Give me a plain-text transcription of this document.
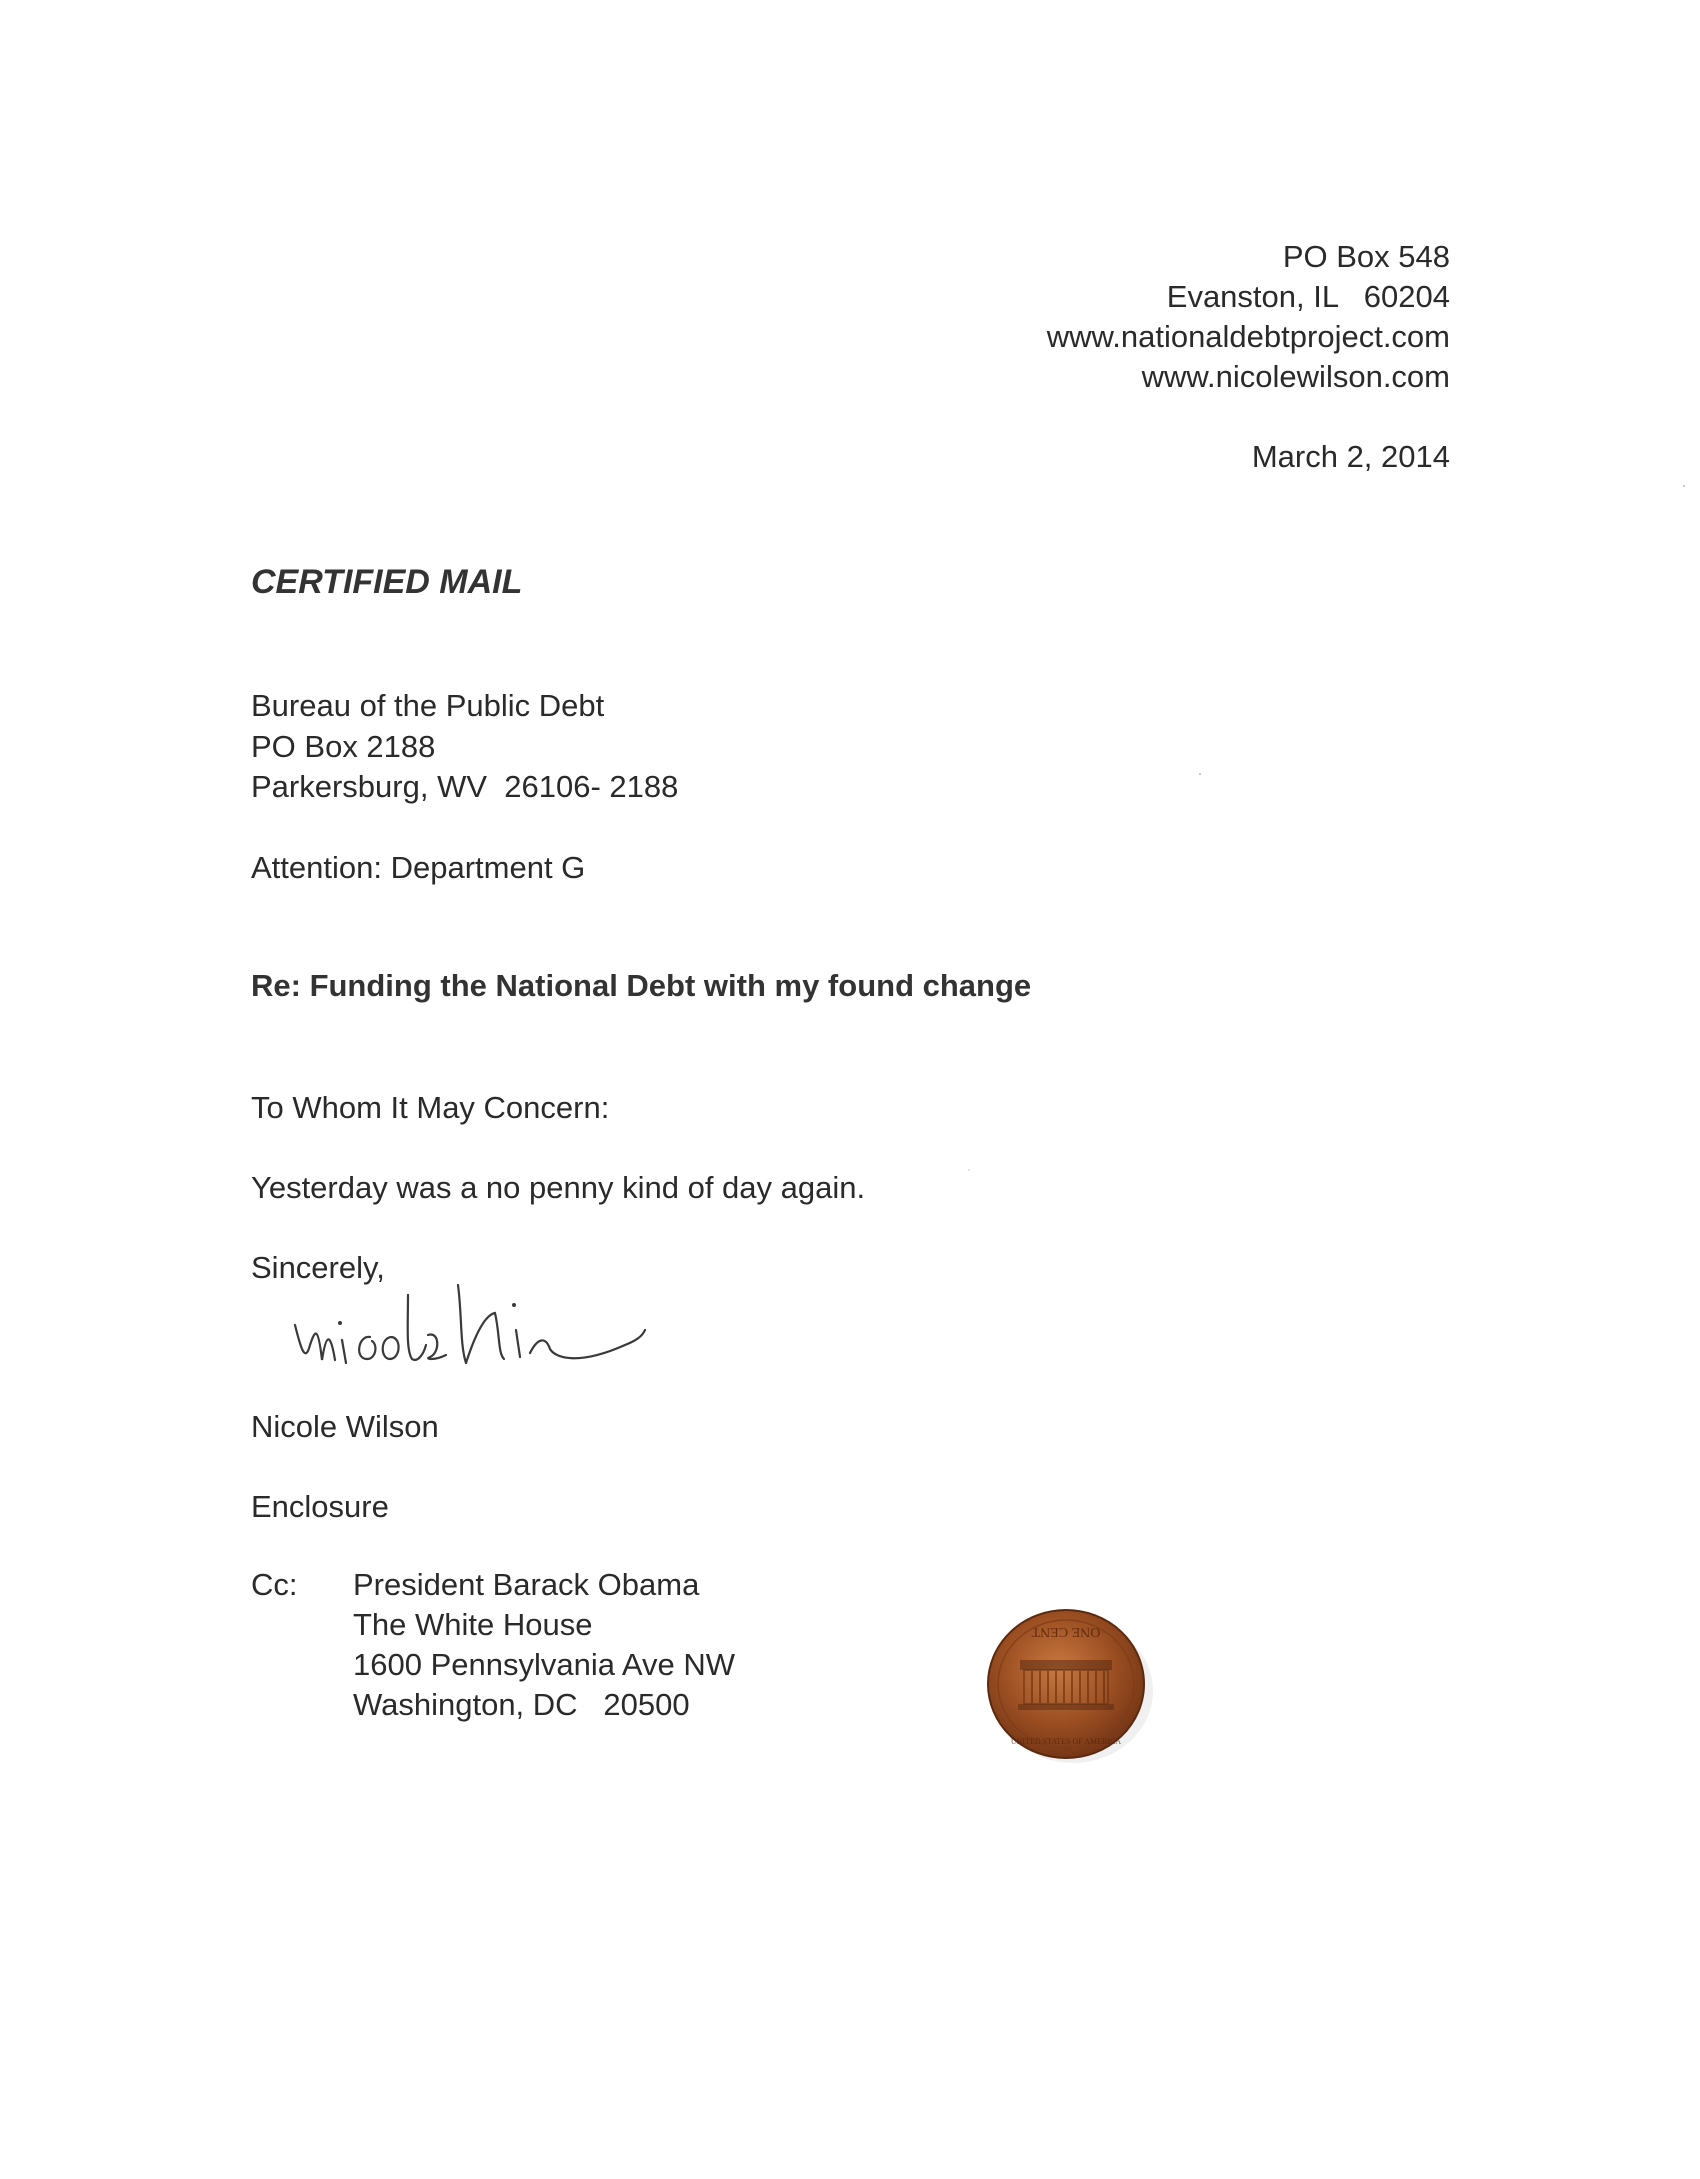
PO Box 548
Evanston, IL   60204
www.nationaldebtproject.com
www.nicolewilson.com
March 2, 2014
CERTIFIED MAIL
Bureau of the Public Debt
PO Box 2188
Parkersburg, WV  26106- 2188
Attention: Department G
Re: Funding the National Debt with my found change
To Whom It May Concern:
Yesterday was a no penny kind of day again.
Sincerely,
Nicole Wilson
Enclosure
Cc: President Barack Obama
The White House
1600 Pennsylvania Ave NW
Washington, DC   20500
ONE CENT
UNITED STATES OF AMERICA
